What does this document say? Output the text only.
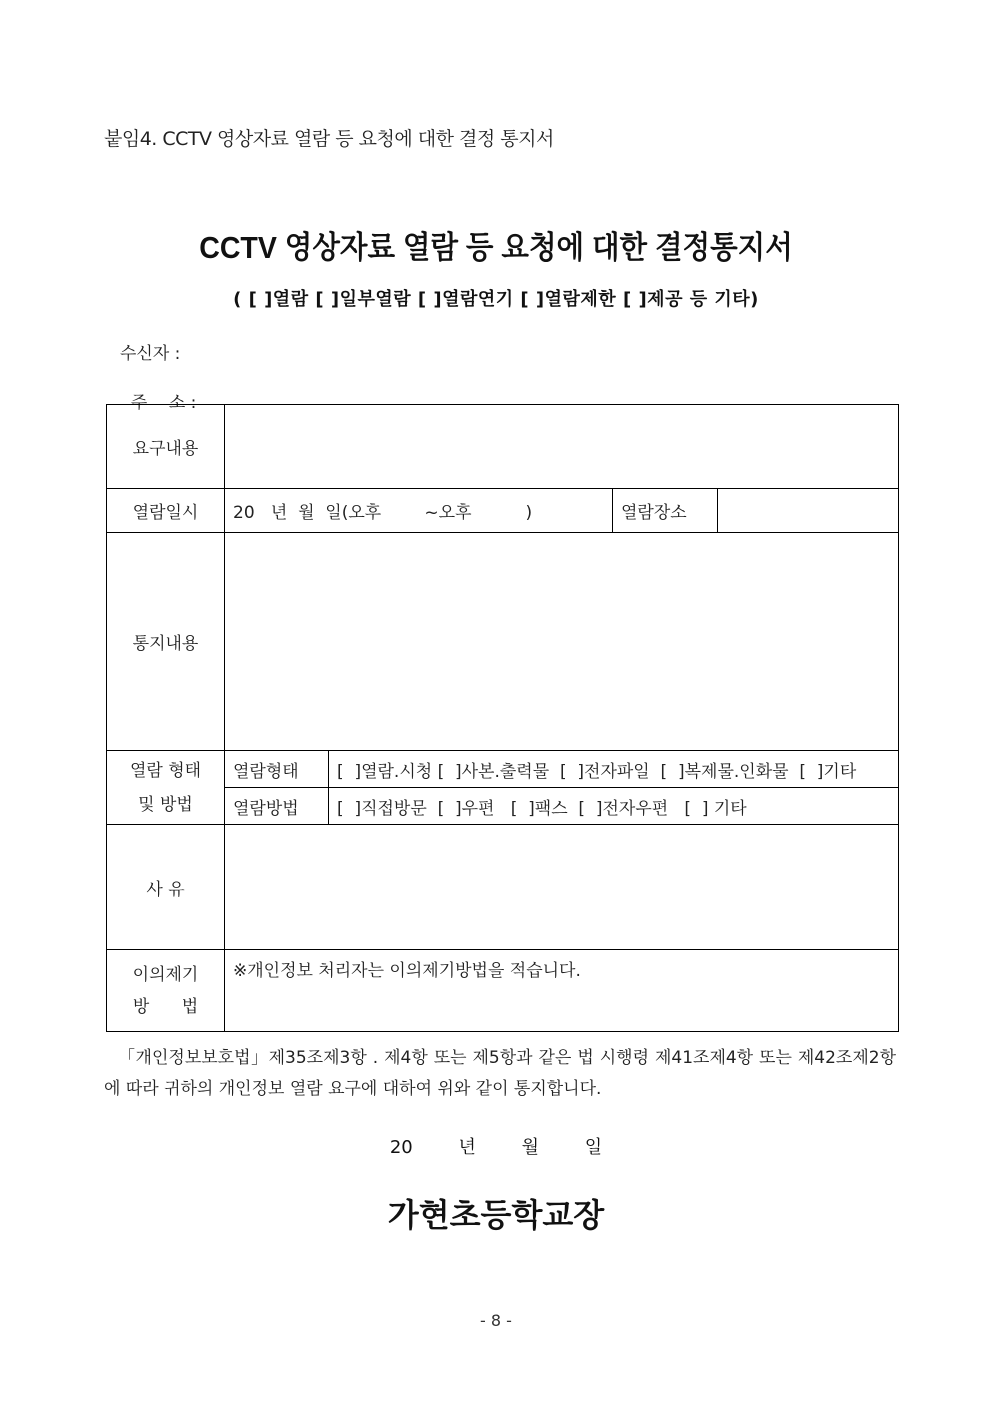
붙임4. CCTV 영상자료 열람 등 요청에 대한 결정 통지서
CCTV 영상자료 열람 등 요청에 대한 결정통지서
( [ ]열람 [ ]일부열람 [ ]열람연기 [ ]열람제한 [ ]제공 등 기타)
수신자 :

주    소 :

요구내용				
열람일시	20   년  월  일(오후        ~오후          )		열람장소	
통지내용				

열람 형태
및 방법	열람형태	[  ]열람.시청 [  ]사본.출력물  [  ]전자파일  [  ]복제물.인화물  [  ]기타		
	열람방법	[  ]직접방문  [  ]우편   [  ]팩스  [  ]전자우편   [  ] 기타		
사 유				

이의제기
방      법	※개인정보 처리자는 이의제기방법을 적습니다.			
「개인정보보호법」제35조제3항 . 제4항 또는 제5항과 같은 법 시행령 제41조제4항 또는 제42조제2항에 따라 귀하의 개인정보 열람 요구에 대하여 위와 같이 통지합니다.
20	년	월	일
가현초등학교장
- 8 -
